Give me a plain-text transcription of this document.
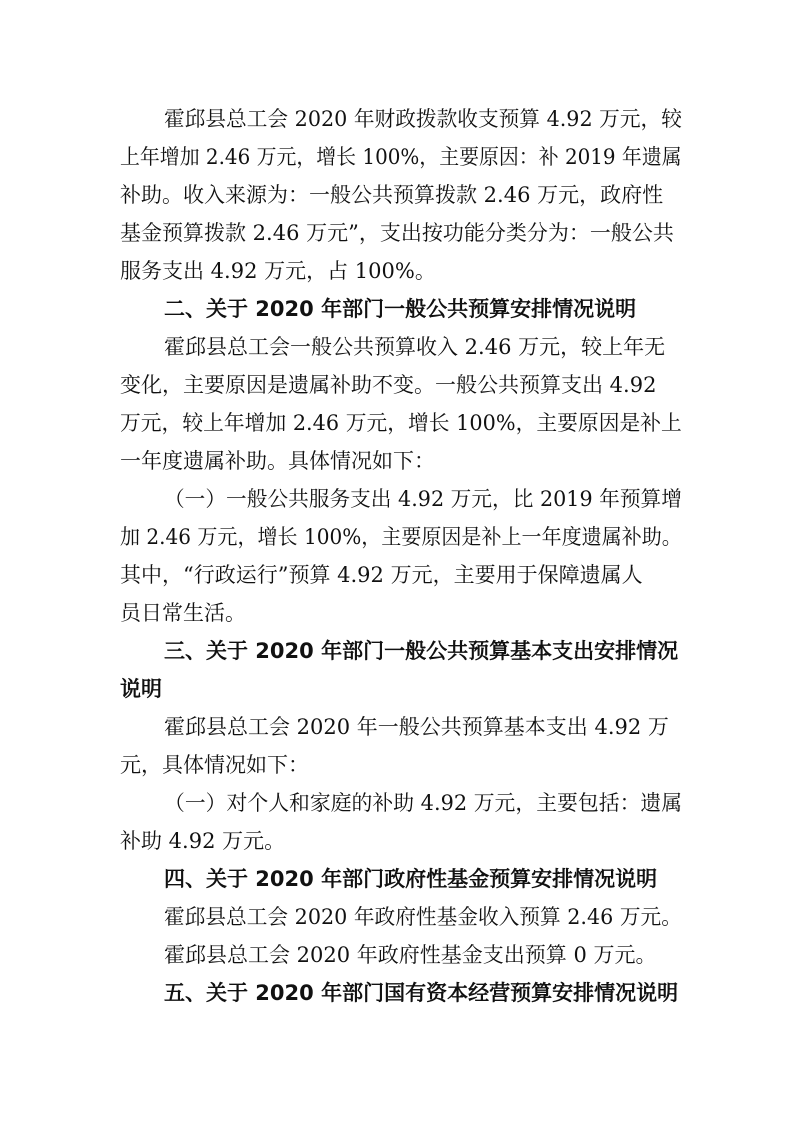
霍邱县总工会 2020 年财政拨款收支预算 4.92 万元，较
上年增加 2.46 万元，增长 100%，主要原因：补 2019 年遗属
补助。收入来源为：一般公共预算拨款 2.46 万元，政府性
基金预算拨款 2.46 万元”，支出按功能分类分为：一般公共
服务支出 4.92 万元，占 100%。
二、关于 2020 年部门一般公共预算安排情况说明
霍邱县总工会一般公共预算收入 2.46 万元，较上年无
变化，主要原因是遗属补助不变。一般公共预算支出 4.92
万元，较上年增加 2.46 万元，增长 100%，主要原因是补上
一年度遗属补助。具体情况如下：
（一）一般公共服务支出 4.92 万元，比 2019 年预算增
加 2.46 万元，增长 100%，主要原因是补上一年度遗属补助。
其中，“行政运行”预算 4.92 万元，主要用于保障遗属人
员日常生活。
三、关于 2020 年部门一般公共预算基本支出安排情况
说明
霍邱县总工会 2020 年一般公共预算基本支出 4.92 万
元，具体情况如下：
（一）对个人和家庭的补助 4.92 万元，主要包括：遗属
补助 4.92 万元。
四、关于 2020 年部门政府性基金预算安排情况说明
霍邱县总工会 2020 年政府性基金收入预算 2.46 万元。
霍邱县总工会 2020 年政府性基金支出预算 0 万元。
五、关于 2020 年部门国有资本经营预算安排情况说明
